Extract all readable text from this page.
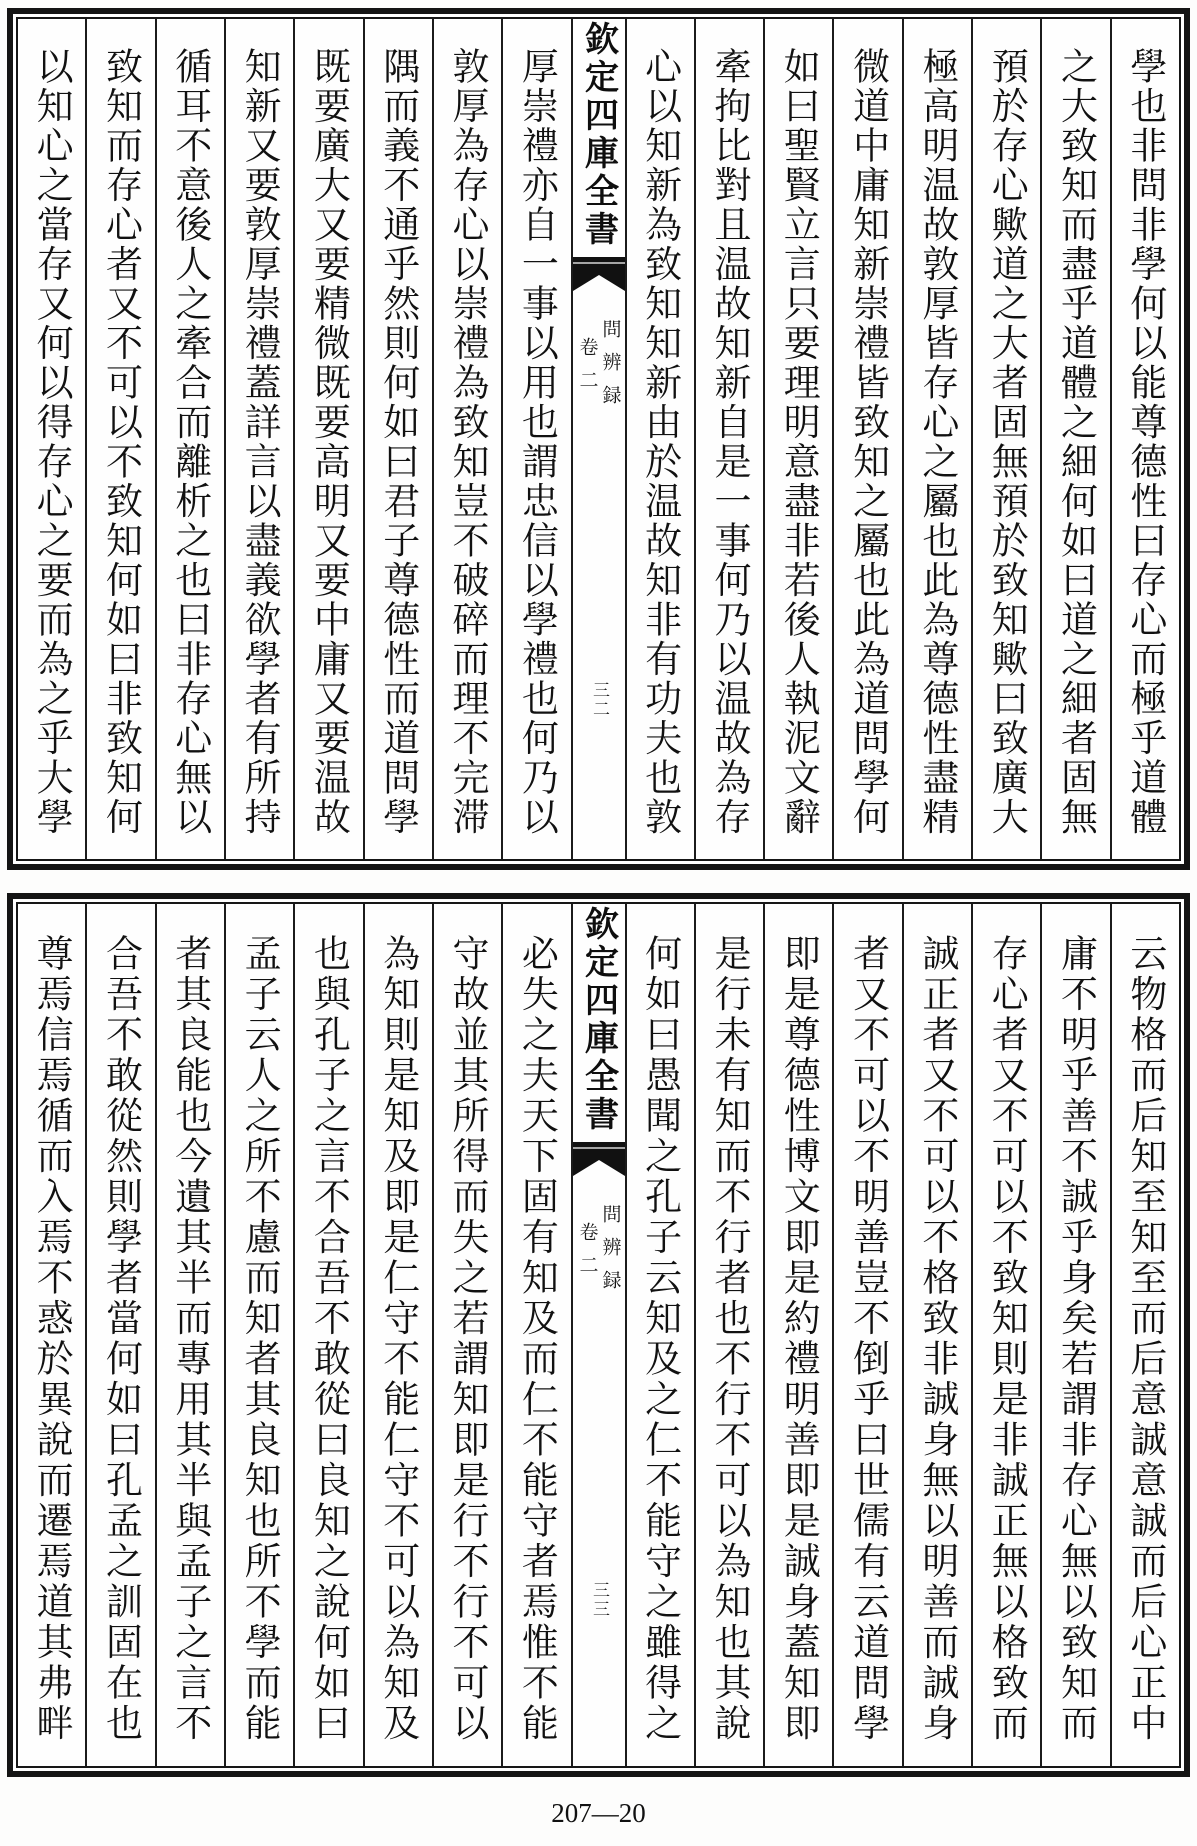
學也非問非學何以能尊德性曰存心而極乎道體
之大致知而盡乎道體之細何如曰道之細者固無
預於存心歟道之大者固無預於致知歟曰致廣大
極高明温故敦厚皆存心之屬也此為尊德性盡精
微道中庸知新崇禮皆致知之屬也此為道問學何
如曰聖賢立言只要理明意盡非若後人執泥文辭
牽拘比對且温故知新自是一事何乃以温故為存
心以知新為致知知新由於温故知非有功夫也敦
欽定四庫全書
問辨録
卷二
三二
厚崇禮亦自一事以用也謂忠信以學禮也何乃以
敦厚為存心以崇禮為致知豈不破碎而理不完滞
隅而義不通乎然則何如曰君子尊德性而道問學
既要廣大又要精微既要高明又要中庸又要温故
知新又要敦厚崇禮蓋詳言以盡義欲學者有所持
循耳不意後人之牽合而離析之也曰非存心無以
致知而存心者又不可以不致知何如曰非致知何
以知心之當存又何以得存心之要而為之乎大學
云物格而后知至知至而后意誠意誠而后心正中
庸不明乎善不誠乎身矣若謂非存心無以致知而
存心者又不可以不致知則是非誠正無以格致而
誠正者又不可以不格致非誠身無以明善而誠身
者又不可以不明善豈不倒乎曰世儒有云道問學
即是尊德性博文即是約禮明善即是誠身蓋知即
是行未有知而不行者也不行不可以為知也其說
何如曰愚聞之孔子云知及之仁不能守之雖得之
欽定四庫全書
問辨録
卷二
三三
必失之夫天下固有知及而仁不能守者焉惟不能
守故並其所得而失之若謂知即是行不行不可以
為知則是知及即是仁守不能仁守不可以為知及
也與孔子之言不合吾不敢從曰良知之說何如曰
孟子云人之所不慮而知者其良知也所不學而能
者其良能也今遺其半而專用其半與孟子之言不
合吾不敢從然則學者當何如曰孔孟之訓固在也
尊焉信焉循而入焉不惑於異說而遷焉道其弗畔
207—20
